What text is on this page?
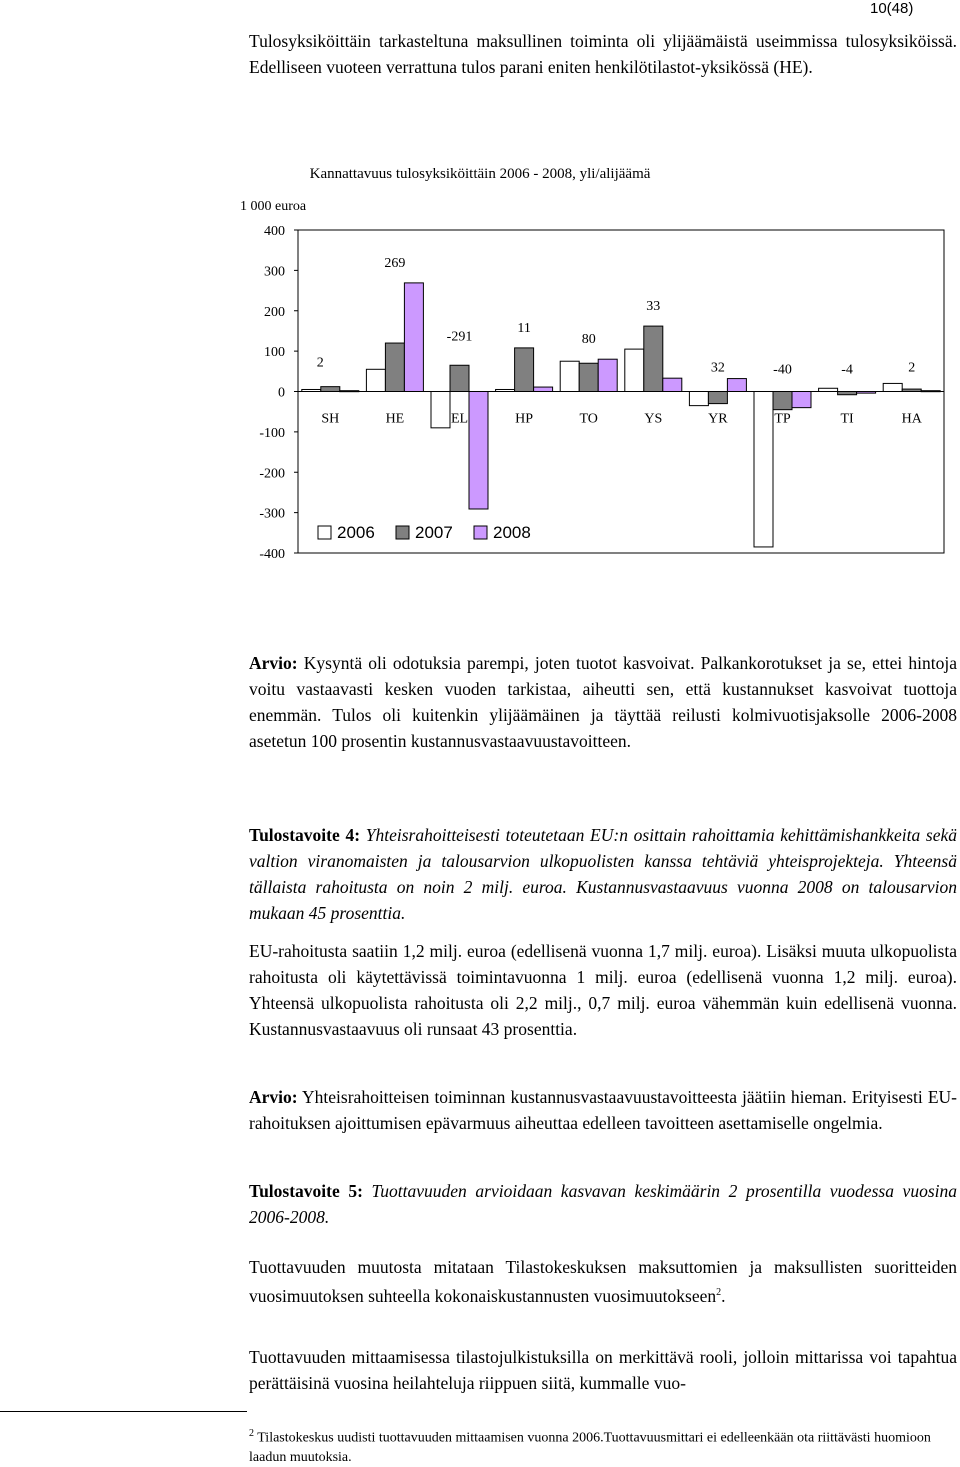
10(48)

Tulosyksiköittäin tarkasteltuna maksullinen toiminta oli ylijäämäistä useimmissa tulosyksiköissä. Edelliseen vuoteen verrattuna tulos parani eniten henkilötilastot-yksikössä (HE).

Kannattavuus tulosyksiköittäin 2006 - 2008, yli/alijäämä
1 000 euroa
400
300
200
100
0
-100
-200
-300
-400
SH
2
HE
269
EL
-291
HP
11
TO
80
YS
33
YR
32
TP
-40
TI
-4
HA
2
2006 2007 2008

Arvio: Kysyntä oli odotuksia parempi, joten tuotot kasvoivat. Palkankorotukset ja se, ettei hintoja voitu vastaavasti kesken vuoden tarkistaa, aiheutti sen, että kustannukset kasvoivat tuottoja enemmän. Tulos oli kuitenkin ylijäämäinen ja täyttää reilusti kolmivuotisjaksolle 2006-2008 asetetun 100 prosentin kustannusvastaavuustavoitteen.

Tulostavoite 4: Yhteisrahoitteisesti toteutetaan EU:n osittain rahoittamia kehittämishankkeita sekä valtion viranomaisten ja talousarvion ulkopuolisten kanssa tehtäviä yhteisprojekteja. Yhteensä tällaista rahoitusta on noin 2 milj. euroa. Kustannusvastaavuus vuonna 2008 on talousarvion mukaan 45 prosenttia.

EU-rahoitusta saatiin 1,2 milj. euroa (edellisenä vuonna 1,7 milj. euroa). Lisäksi muuta ulkopuolista rahoitusta oli käytettävissä toimintavuonna 1 milj. euroa (edellisenä vuonna 1,2 milj. euroa). Yhteensä ulkopuolista rahoitusta oli 2,2 milj., 0,7 milj. euroa vähemmän kuin edellisenä vuonna. Kustannusvastaavuus oli runsaat 43 prosenttia.

Arvio: Yhteisrahoitteisen toiminnan kustannusvastaavuustavoitteesta jäätiin hieman. Erityisesti EU-rahoituksen ajoittumisen epävarmuus aiheuttaa edelleen tavoitteen asettamiselle ongelmia.

Tulostavoite 5: Tuottavuuden arvioidaan kasvavan keskimäärin 2 prosentilla vuodessa vuosina 2006-2008.

Tuottavuuden muutosta mitataan Tilastokeskuksen maksuttomien ja maksullisten suoritteiden vuosimuutoksen suhteella kokonaiskustannusten vuosimuutokseen$^2$.

Tuottavuuden mittaamisessa tilastojulkistuksilla on merkittävä rooli, jolloin mittarissa voi tapahtua perättäisinä vuosina heilahteluja riippuen siitä, kummalle vuo-

$^2$ Tilastokeskus uudisti tuottavuuden mittaamisen vuonna 2006.Tuottavuusmittari ei edelleenkään ota riittävästi huomioon laadun muutoksia.
